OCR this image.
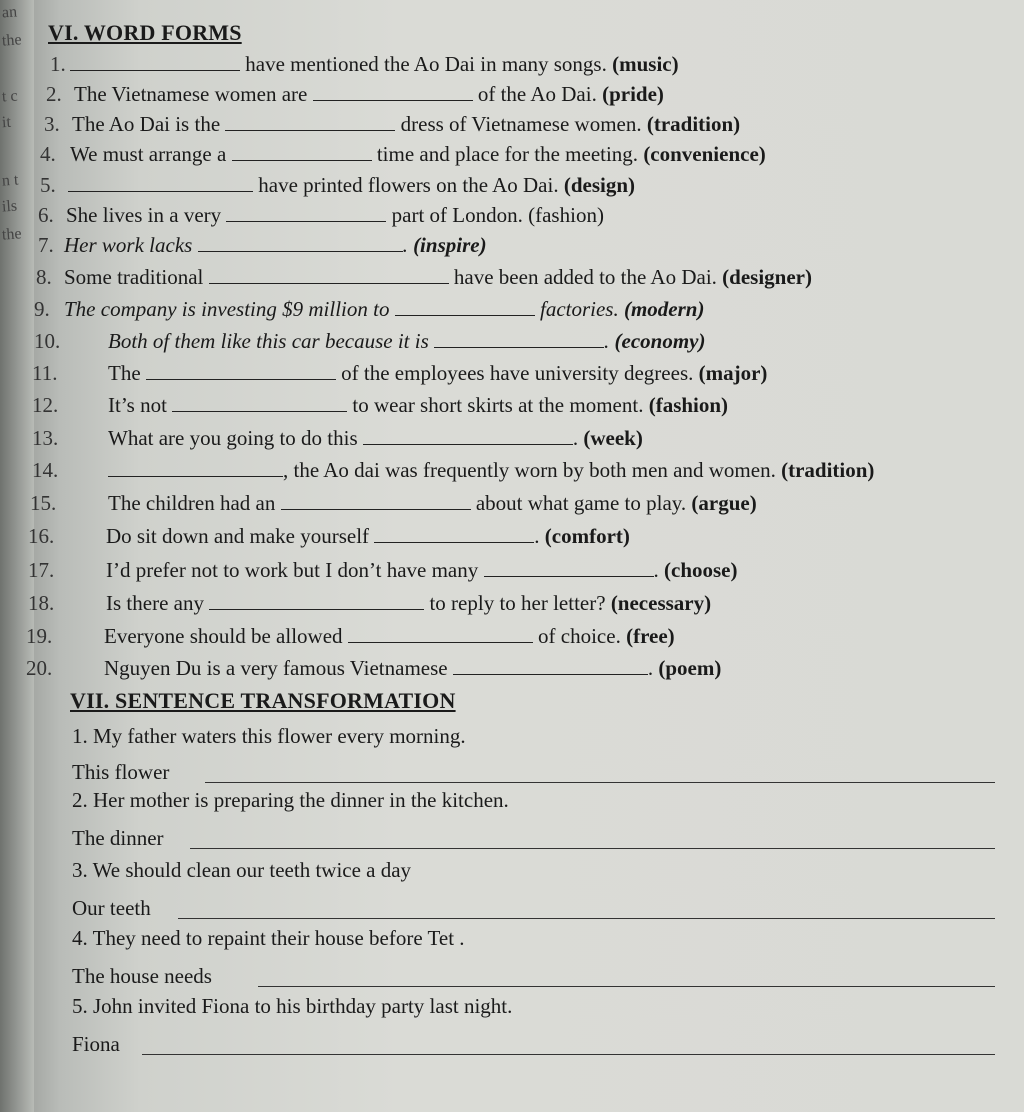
an
the
t c
it
n t
ils
the
VI. WORD FORMS
1.	have mentioned the Ao Dai in many songs. (music)
2. The Vietnamese women are	of the Ao Dai. (pride)
3. The Ao Dai is the	dress of Vietnamese women. (tradition)
4. We must arrange a	time and place for the meeting. (convenience)
5.	have printed flowers on the Ao Dai. (design)
6. She lives in a very	part of London. (fashion)
7. Her work lacks	. (inspire)
8. Some traditional	have been added to the Ao Dai. (designer)
9. The company is investing $9 million to	factories. (modern)
10. Both of them like this car because it is	. (economy)
11. The	of the employees have university degrees. (major)
12. It’s not	to wear short skirts at the moment. (fashion)
13. What are you going to do this	. (week)
14.	, the Ao dai was frequently worn by both men and women. (tradition)
15. The children had an	about what game to play. (argue)
16. Do sit down and make yourself	. (comfort)
17. I’d prefer not to work but I don’t have many	. (choose)
18. Is there any	to reply to her letter? (necessary)
19. Everyone should be allowed	of choice. (free)
20. Nguyen Du is a very famous Vietnamese	. (poem)
VII. SENTENCE TRANSFORMATION
1. My father waters this flower every morning.
This flower
2. Her mother is preparing the dinner in the kitchen.
The dinner
3. We should clean our teeth twice a day
Our teeth
4. They need to repaint their house before Tet .
The house needs
5. John invited Fiona to his birthday party last night.
Fiona
